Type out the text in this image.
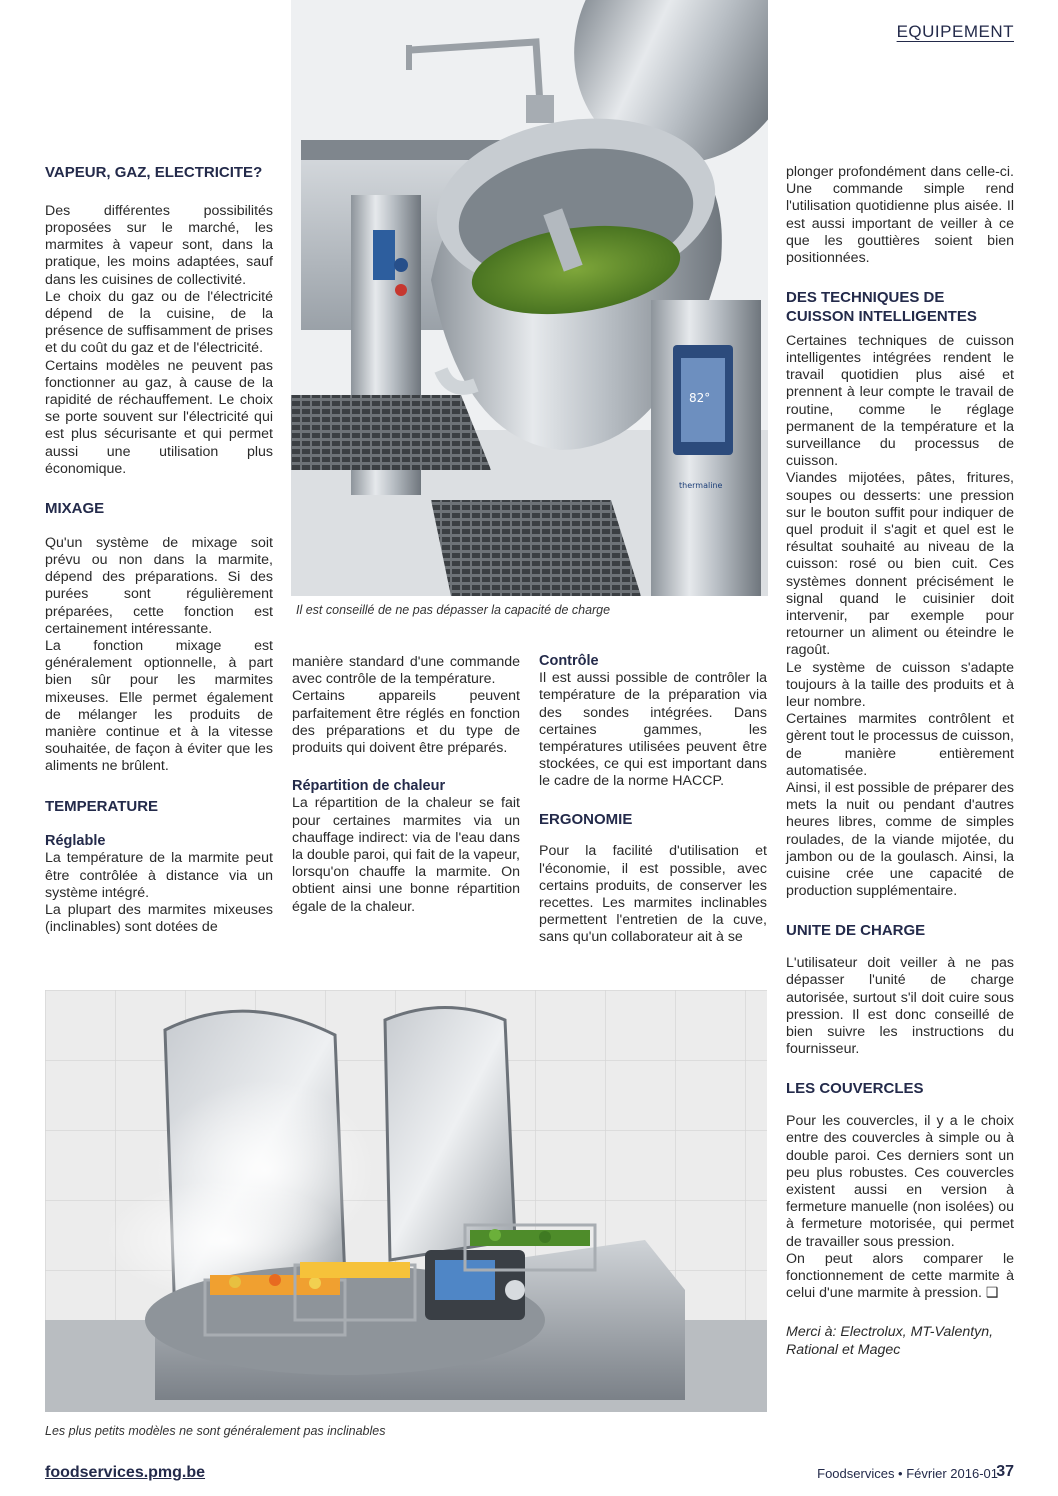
EQUIPEMENT
82°
thermaline
Il est conseillé de ne pas dépasser la capacité de charge
VAPEUR, GAZ, ELECTRICITE?

Des différentes possibilités proposées sur le marché, les marmites à vapeur sont, dans la pratique, les moins adaptées, sauf dans les cuisines de collectivité.

Le choix du gaz ou de l'électricité dépend de la cuisine, de la présence de suffisamment de prises et du coût du gaz et de l'électricité.

Certains modèles ne peuvent pas fonctionner au gaz, à cause de la rapidité de réchauffement. Le choix se porte souvent sur l'électricité qui est plus sécurisante et qui permet aussi une utilisation plus économique.

MIXAGE

Qu'un système de mixage soit prévu ou non dans la marmite, dépend des préparations. Si des purées sont régulièrement préparées, cette fonction est certainement intéressante.

La fonction mixage est généralement optionnelle, à part bien sûr pour les marmites mixeuses. Elle permet également de mélanger les produits de manière continue et à la vitesse souhaitée, de façon à éviter que les aliments ne brûlent.

TEMPERATURE
Réglable

La température de la marmite peut être contrôlée à distance via un système intégré.

La plupart des marmites mixeuses (inclinables) sont dotées de

manière standard d'une commande avec contrôle de la température.

Certains appareils peuvent parfaitement être réglés en fonction des préparations et du type de produits qui doivent être préparés.

Répartition de chaleur

La répartition de la chaleur se fait pour certaines marmites via un chauffage indirect: via de l'eau dans la double paroi, qui fait de la vapeur, lorsqu'on chauffe la marmite. On obtient ainsi une bonne répartition égale de la chaleur.

Contrôle

Il est aussi possible de contrôler la température de la préparation via des sondes intégrées. Dans certaines gammes, les températures utilisées peuvent être stockées, ce qui est important dans le cadre de la norme HACCP.

ERGONOMIE

Pour la facilité d'utilisation et l'économie, il est possible, avec certains produits, de conserver les recettes. Les marmites inclinables permettent l'entretien de la cuve, sans qu'un collaborateur ait à se

plonger profondément dans celle-ci. Une commande simple rend l'utilisation quotidienne plus aisée. Il est aussi important de veiller à ce que les gouttières soient bien positionnées.

DES TECHNIQUES DE CUISSON INTELLIGENTES

Certaines techniques de cuisson intelligentes intégrées rendent le travail quotidien plus aisé et prennent à leur compte le travail de routine, comme le réglage permanent de la température et la surveillance du processus de cuisson.

Viandes mijotées, pâtes, fritures, soupes ou desserts: une pression sur le bouton suffit pour indiquer de quel produit il s'agit et quel est le résultat souhaité au niveau de la cuisson: rosé ou bien cuit. Ces systèmes donnent précisément le signal quand le cuisinier doit intervenir, par exemple pour retourner un aliment ou éteindre le ragoût.

Le système de cuisson s'adapte toujours à la taille des produits et à leur nombre.

Certaines marmites contrôlent et gèrent tout le processus de cuisson, de manière entièrement automatisée.

Ainsi, il est possible de préparer des mets la nuit ou pendant d'autres heures libres, comme de simples roulades, de la viande mijotée, du jambon ou de la goulasch. Ainsi, la cuisine crée une capacité de production supplémentaire.

UNITE DE CHARGE

L'utilisateur doit veiller à ne pas dépasser l'unité de charge autorisée, surtout s'il doit cuire sous pression. Il est donc conseillé de bien suivre les instructions du fournisseur.

LES COUVERCLES

Pour les couvercles, il y a le choix entre des couvercles à simple ou à double paroi. Ces derniers sont un peu plus robustes. Ces couvercles existent aussi en version à fermeture manuelle (non isolées) ou à fermeture motorisée, qui permet de travailler sous pression.

On peut alors comparer le fonctionnement de cette marmite à celui d'une marmite à pression. ❑

Merci à: Electrolux, MT-Valentyn, Rational et Magec

Les plus petits modèles ne sont généralement pas inclinables
foodservices.pmg.be	Foodservices • Février 2016-01
37
